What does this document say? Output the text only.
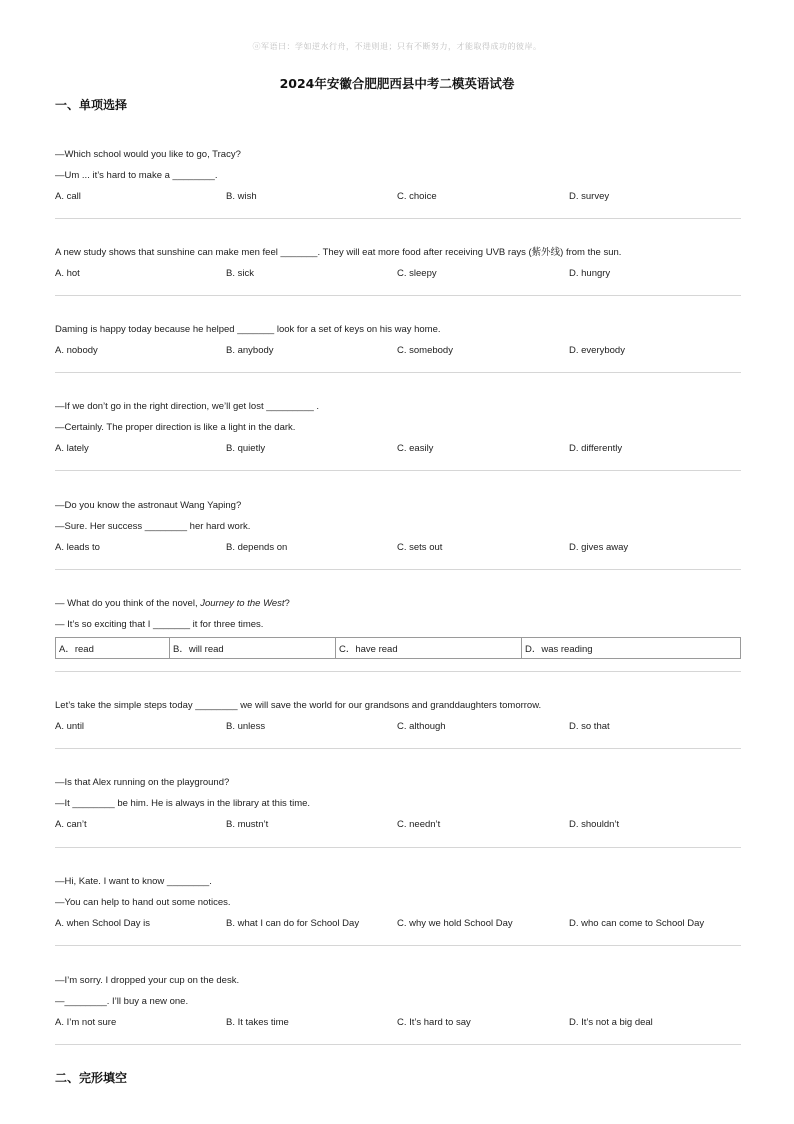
ⓐ军语曰：学如逆水行舟，不进则退；只有不断努力，才能取得成功的彼岸。
2024年安徽合肥肥西县中考二模英语试卷
一、单项选择
—Which school would you like to go, Tracy?
—Um ... it’s hard to make a ________.
A. call	B. wish	C. choice	D. survey
A new study shows that sunshine can make men feel _______. They will eat more food after receiving UVB rays (紫外线) from the sun.
A. hot	B. sick	C. sleepy	D. hungry
Daming is happy today because he helped _______ look for a set of keys on his way home.
A. nobody	B. anybody	C. somebody	D. everybody
—If we don’t go in the right direction, we’ll get lost _________ .
—Certainly. The proper direction is like a light in the dark.
A. lately	B. quietly	C. easily	D. differently
—Do you know the astronaut Wang Yaping?
—Sure. Her success ________ her hard work.
A. leads to	B. depends on	C. sets out	D. gives away
— What do you think of the novel, Journey to the West?
— It’s so exciting that I _______ it for three times.
A．read	B．will read	C．have read	D．was reading
Let’s take the simple steps today ________ we will save the world for our grandsons and granddaughters tomorrow.
A. until	B. unless	C. although	D. so that
—Is that Alex running on the playground?
—It ________ be him. He is always in the library at this time.
A. can’t	B. mustn’t	C. needn’t	D. shouldn’t
—Hi, Kate. I want to know ________.
—You can help to hand out some notices.
A. when School Day is	B. what I can do for School Day	C. why we hold School Day	D. who can come to School Day
—I’m sorry. I dropped your cup on the desk.
—________. I’ll buy a new one.
A. I’m not sure	B. It takes time	C. It’s hard to say	D. It’s not a big deal
二、完形填空
